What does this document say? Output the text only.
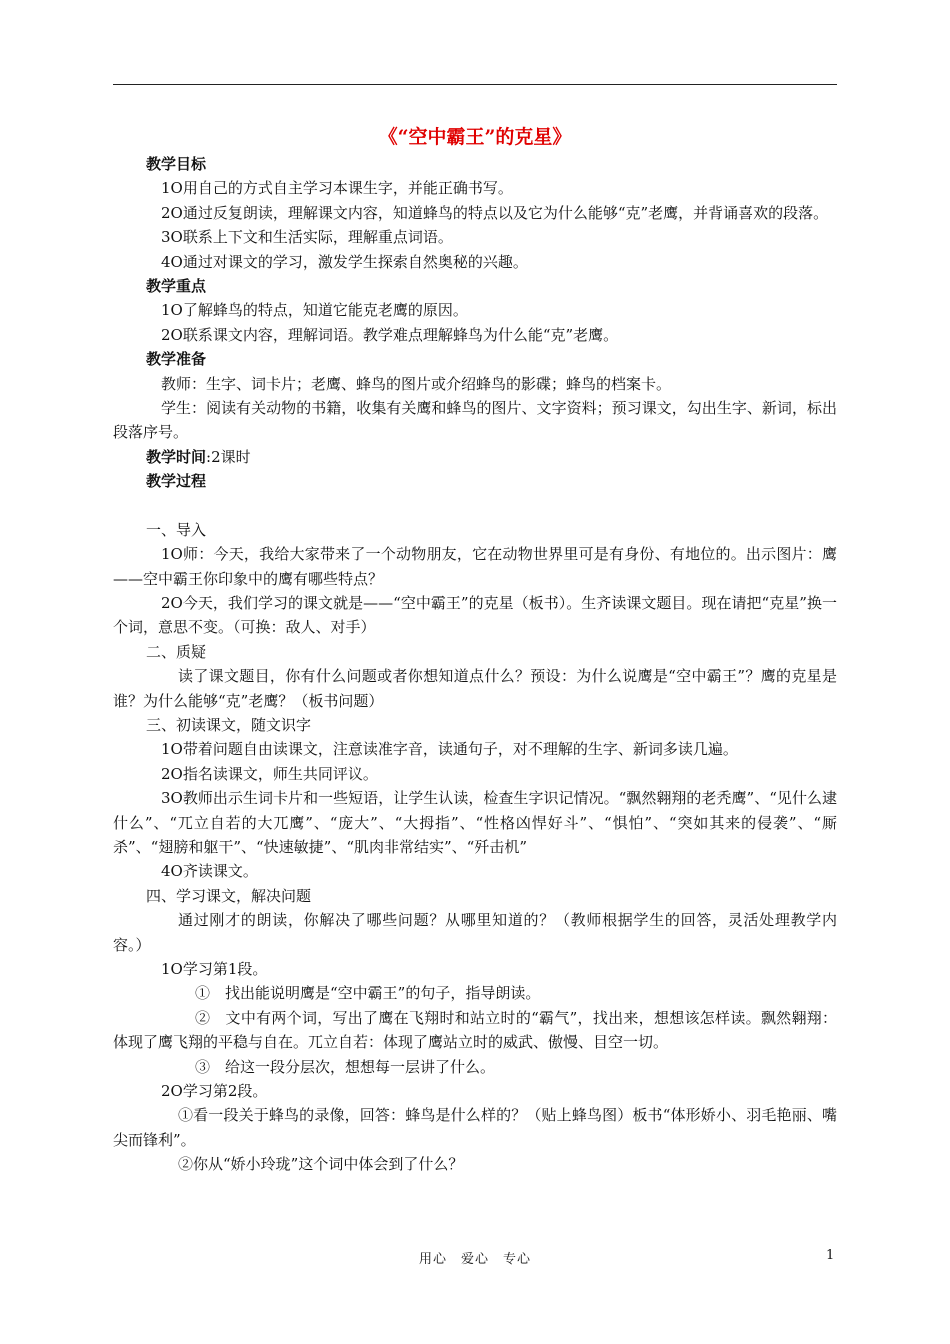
《“空中霸王”的克星》

教学目标

1O用自己的方式自主学习本课生字，并能正确书写。

2O通过反复朗读，理解课文内容，知道蜂鸟的特点以及它为什么能够“克”老鹰，并背诵喜欢的段落。

3O联系上下文和生活实际，理解重点词语。

4O通过对课文的学习，激发学生探索自然奥秘的兴趣。

教学重点

1O了解蜂鸟的特点，知道它能克老鹰的原因。

2O联系课文内容，理解词语。教学难点理解蜂鸟为什么能“克”老鹰。

教学准备

教师：生字、词卡片；老鹰、蜂鸟的图片或介绍蜂鸟的影碟；蜂鸟的档案卡。

学生：阅读有关动物的书籍，收集有关鹰和蜂鸟的图片、文字资料；预习课文，勾出生字、新词，标出段落序号。

教学时间:2课时

教学过程

一、导入

1O师：今天，我给大家带来了一个动物朋友，它在动物世界里可是有身份、有地位的。出示图片：鹰——空中霸王你印象中的鹰有哪些特点？

2O今天，我们学习的课文就是——“空中霸王”的克星（板书）。生齐读课文题目。现在请把“克星”换一个词，意思不变。（可换：敌人、对手）

二、质疑

读了课文题目，你有什么问题或者你想知道点什么？预设：为什么说鹰是“空中霸王”？鹰的克星是谁？为什么能够“克”老鹰？（板书问题）

三、初读课文，随文识字

1O带着问题自由读课文，注意读准字音，读通句子，对不理解的生字、新词多读几遍。

2O指名读课文，师生共同评议。

3O教师出示生词卡片和一些短语，让学生认读，检查生字识记情况。“飘然翱翔的老秃鹰”、“见什么逮什么”、“兀立自若的大兀鹰”、“庞大”、“大拇指”、“性格凶悍好斗”、“惧怕”、“突如其来的侵袭”、“厮杀”、“翅膀和躯干”、“快速敏捷”、“肌肉非常结实”、“歼击机”

4O齐读课文。

四、学习课文，解决问题

通过刚才的朗读，你解决了哪些问题？从哪里知道的？（教师根据学生的回答，灵活处理教学内容。）

1O学习第1段。

①　找出能说明鹰是“空中霸王”的句子，指导朗读。

②　文中有两个词，写出了鹰在飞翔时和站立时的“霸气”，找出来，想想该怎样读。飘然翱翔：体现了鹰飞翔的平稳与自在。兀立自若：体现了鹰站立时的威武、傲慢、目空一切。

③　给这一段分层次，想想每一层讲了什么。

2O学习第2段。

①看一段关于蜂鸟的录像，回答：蜂鸟是什么样的？（贴上蜂鸟图）板书“体形娇小、羽毛艳丽、嘴尖而锋利”。

②你从“娇小玲珑”这个词中体会到了什么？

用心　爱心　专心	1
